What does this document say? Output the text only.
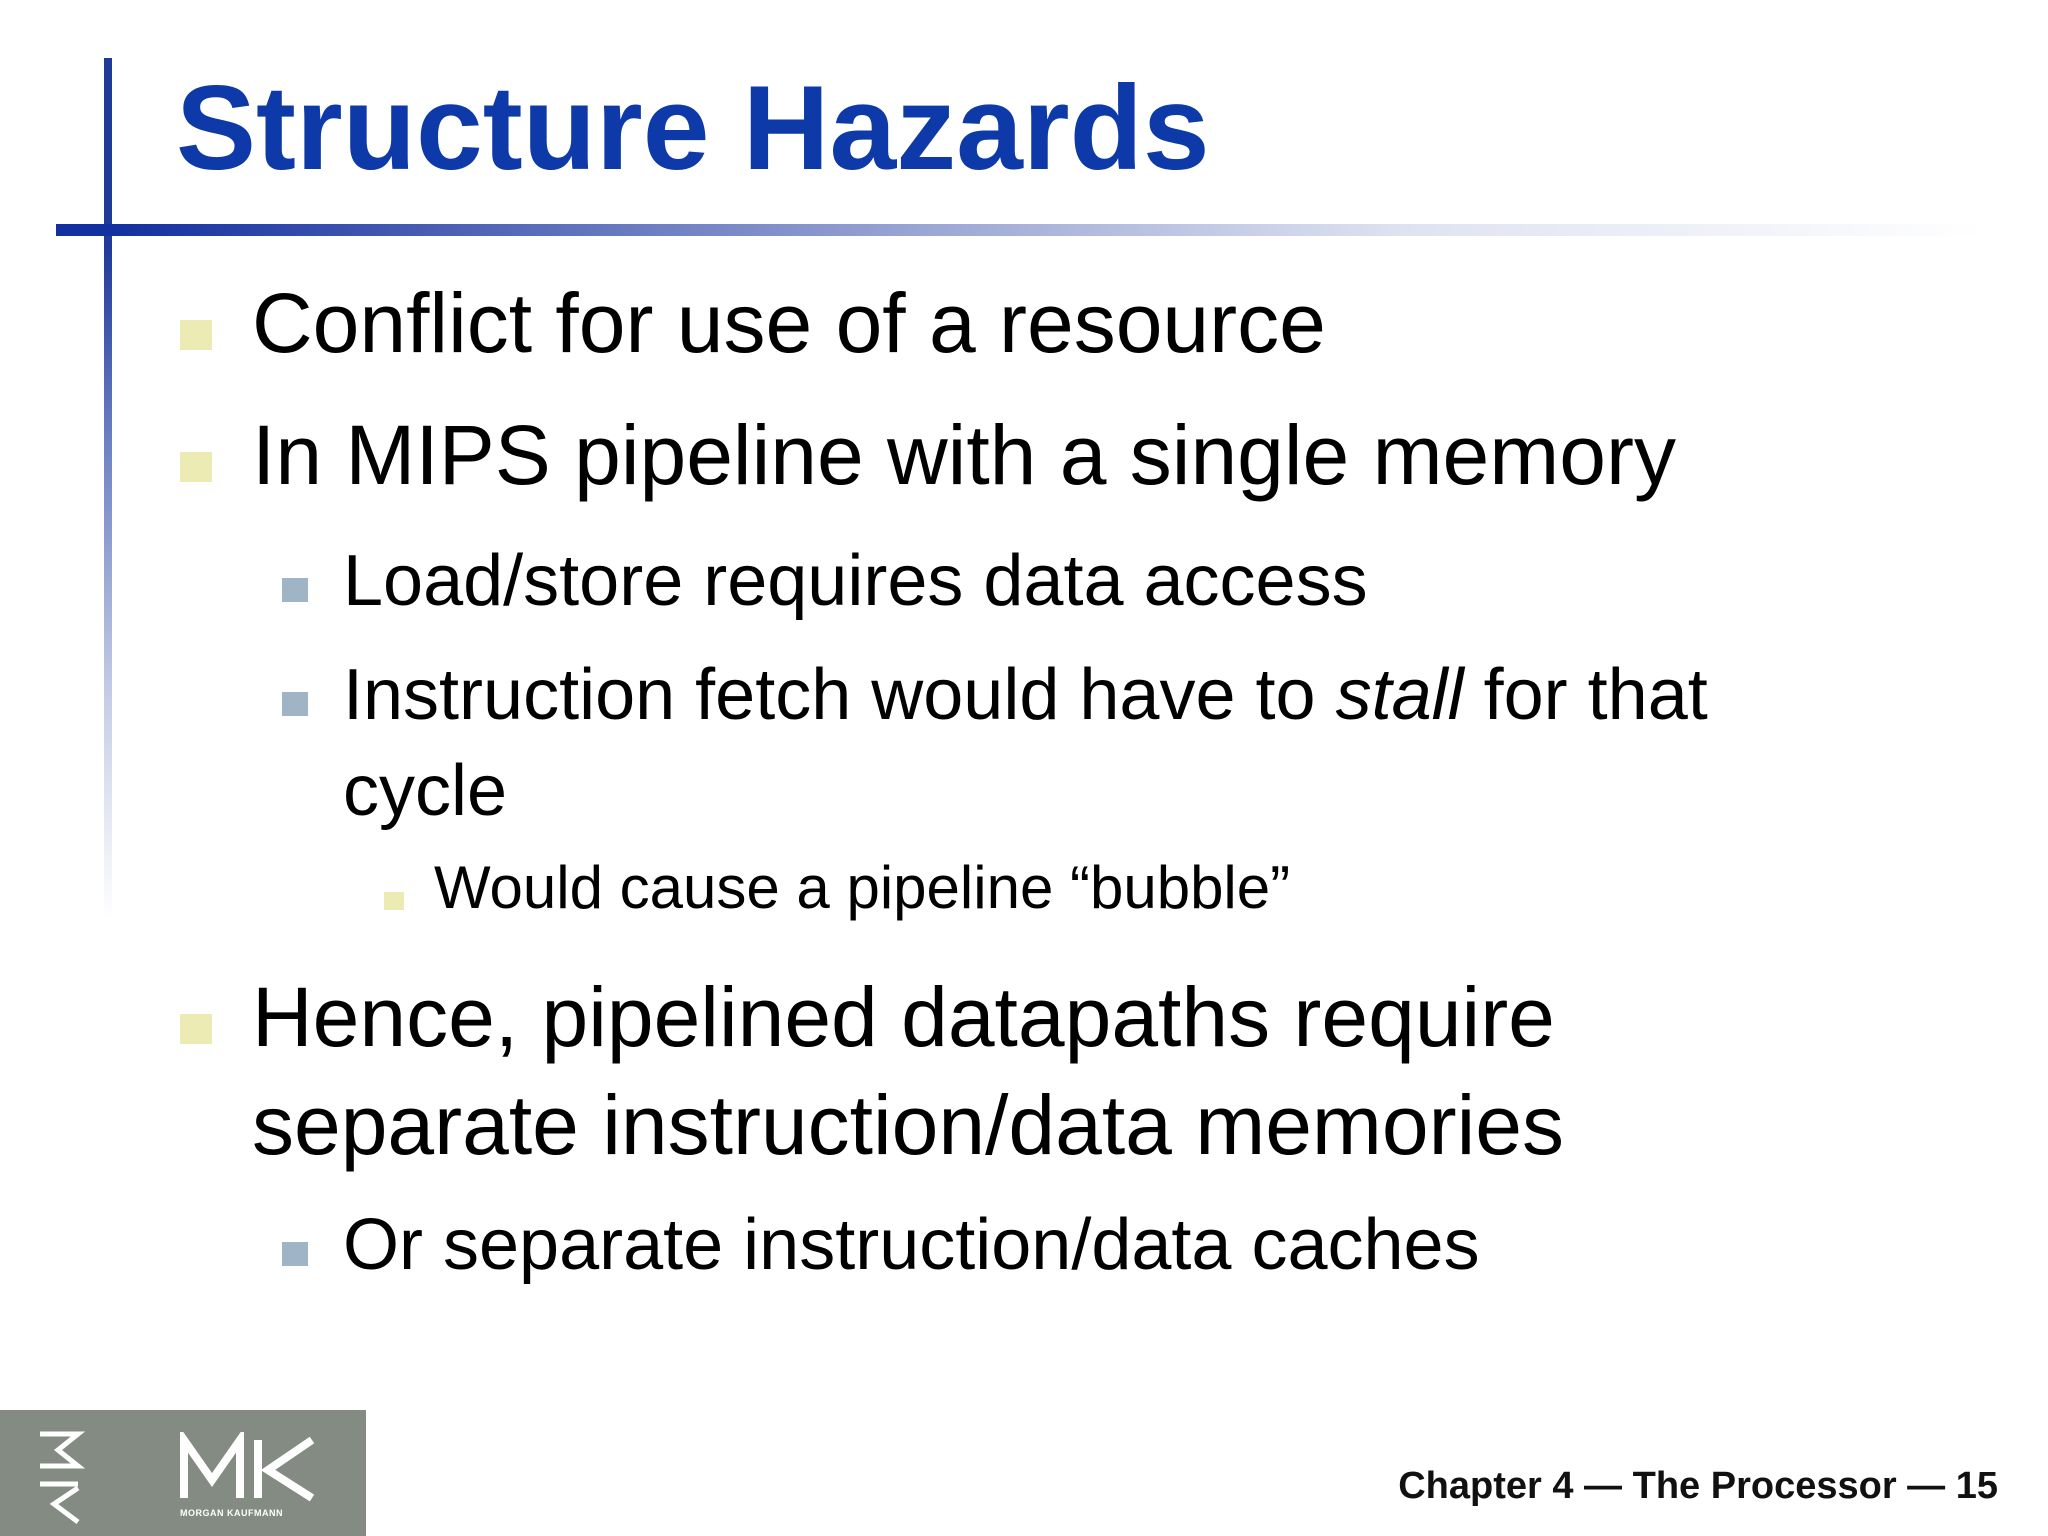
Structure Hazards
Conflict for use of a resource
In MIPS pipeline with a single memory
Load/store requires data access
Instruction fetch would have to stall for that
cycle
Would cause a pipeline “bubble”
Hence, pipelined datapaths require
separate instruction/data memories
Or separate instruction/data caches
MORGAN KAUFMANN
Chapter 4 — The Processor — 15
